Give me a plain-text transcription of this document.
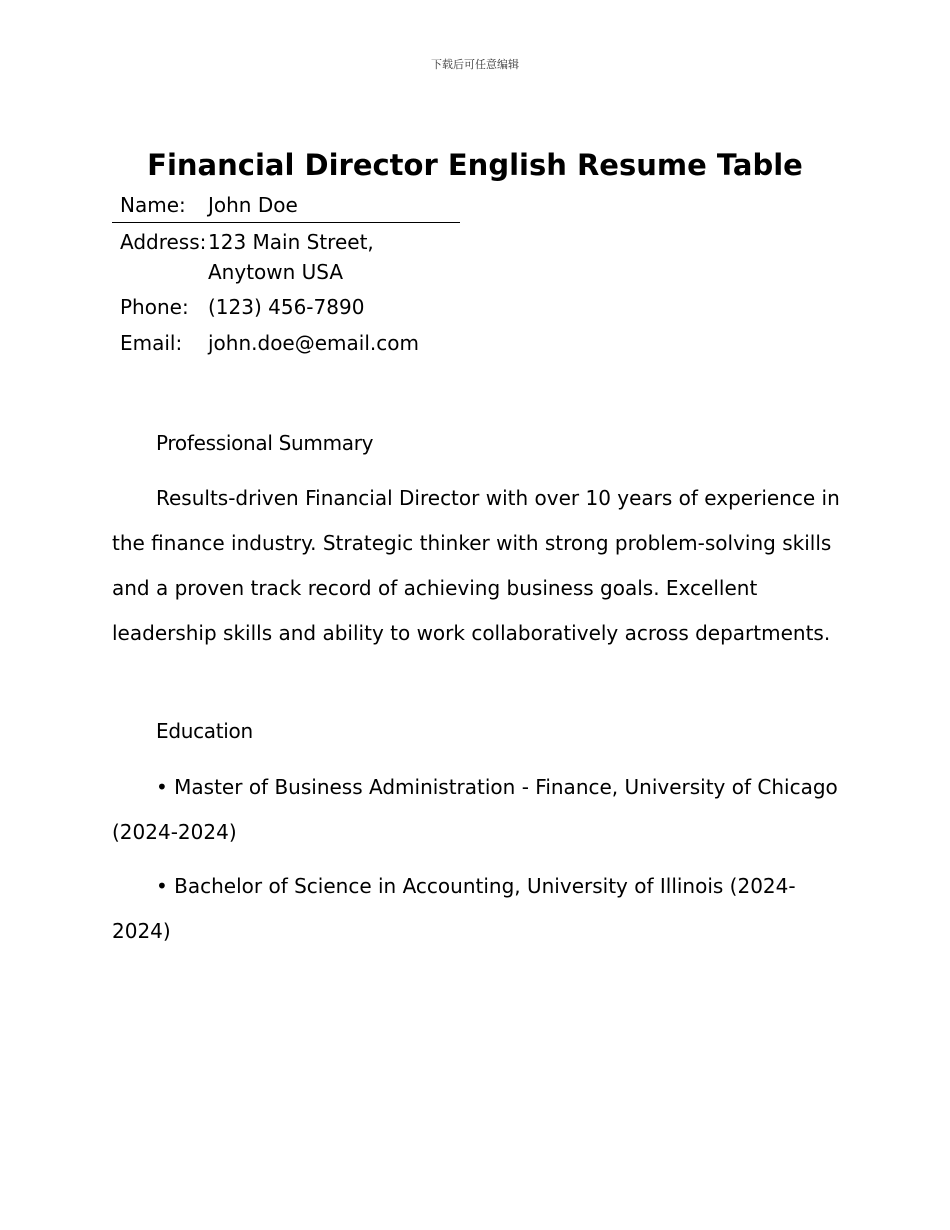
下载后可任意编辑
Financial Director English Resume Table
Name:	John Doe
Address:	123 Main Street,
Anytown USA

Phone:	(123) 456-7890
Email:	john.doe@email.com
Professional Summary

Results-driven Financial Director with over 10 years of experience in the finance industry. Strategic thinker with strong problem-solving skills and a proven track record of achieving business goals. Excellent leadership skills and ability to work collaboratively across departments.

Education

• Master of Business Administration - Finance, University of Chicago (2024-2024)

• Bachelor of Science in Accounting, University of Illinois (2024-2024)
